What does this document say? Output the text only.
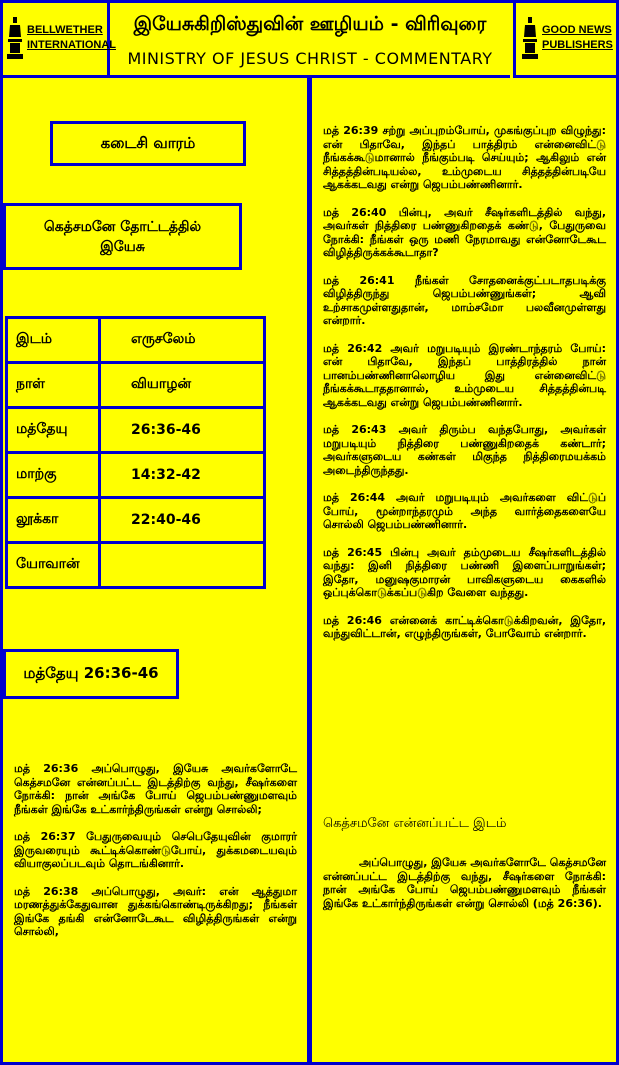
BELLWETHER
INTERNATIONAL
இயேசுகிறிஸ்துவின் ஊழியம் - விரிவுரை
MINISTRY OF JESUS CHRIST - COMMENTARY
GOOD NEWS
PUBLISHERS
கடைசி வாரம்
கெத்சமனே தோட்டத்தில் இயேசு
இடம்	எருசலேம்
நாள்	வியாழன்
மத்தேயு	26:36-46
மாற்கு	14:32-42
லூக்கா	22:40-46
யோவான்	
மத்தேயு 26:36-46

மத் 26:36 அப்பொழுது, இயேசு அவர்களோடே கெத்சமனே என்னப்பட்ட இடத்திற்கு வந்து, சீஷர்களை நோக்கி: நான் அங்கே போய் ஜெபம்பண்ணுமளவும் நீங்கள் இங்கே உட்கார்ந்திருங்கள் என்று சொல்லி;

மத் 26:37 பேதுருவையும் செபெதேயுவின் குமாரர் இருவரையும் கூட்டிக்கொண்டுபோய், துக்கமடையவும் வியாகுலப்படவும் தொடங்கினார்.

மத் 26:38 அப்பொழுது, அவர்: என் ஆத்துமா மரணத்துக்கேதுவான துக்கங்கொண்டிருக்கிறது; நீங்கள் இங்கே தங்கி என்னோடேகூட விழித்திருங்கள் என்று சொல்லி,

மத் 26:39 சற்று அப்புறம்போய், முகங்குப்புற விழுந்து: என் பிதாவே, இந்தப் பாத்திரம் என்னைவிட்டு நீங்கக்கூடுமானால் நீங்கும்படி செய்யும்; ஆகிலும் என் சித்தத்தின்படியல்ல, உம்முடைய சித்தத்தின்படியே ஆகக்கடவது என்று ஜெபம்பண்ணினார்.

மத் 26:40 பின்பு, அவர் சீஷர்களிடத்தில் வந்து, அவர்கள் நித்திரை பண்ணுகிறதைக் கண்டு, பேதுருவை நோக்கி: நீங்கள் ஒரு மணி நேரமாவது என்னோடேகூட விழித்திருக்கக்கூடாதா?

மத் 26:41 நீங்கள் சோதனைக்குட்படாதபடிக்கு விழித்திருந்து ஜெபம்பண்ணுங்கள்; ஆவி உற்சாகமுள்ளதுதான், மாம்சமோ பலவீனமுள்ளது என்றார்.

மத் 26:42 அவர் மறுபடியும் இரண்டாந்தரம் போய்: என் பிதாவே, இந்தப் பாத்திரத்தில் நான் பானம்பண்ணினாலொழிய இது என்னைவிட்டு நீங்கக்கூடாததானால், உம்முடைய சித்தத்தின்படி ஆகக்கடவது என்று ஜெபம்பண்ணினார்.

மத் 26:43 அவர் திரும்ப வந்தபோது, அவர்கள் மறுபடியும் நித்திரை பண்ணுகிறதைக் கண்டார்; அவர்களுடைய கண்கள் மிகுந்த நித்திரைமயக்கம் அடைந்திருந்தது.

மத் 26:44 அவர் மறுபடியும் அவர்களை விட்டுப் போய், மூன்றாந்தரமும் அந்த வார்த்தைகளையே சொல்லி ஜெபம்பண்ணினார்.

மத் 26:45 பின்பு அவர் தம்முடைய சீஷர்களிடத்தில் வந்து: இனி நித்திரை பண்ணி இளைப்பாறுங்கள்; இதோ, மனுஷகுமாரன் பாவிகளுடைய கைகளில் ஒப்புக்கொடுக்கப்படுகிற வேளை வந்தது.

மத் 26:46 என்னைக் காட்டிக்கொடுக்கிறவன், இதோ, வந்துவிட்டான், எழுந்திருங்கள், போவோம் என்றார்.

கெத்சமனே என்னப்பட்ட இடம்
அப்பொழுது, இயேசு அவர்களோடே கெத்சமனே என்னப்பட்ட இடத்திற்கு வந்து, சீஷர்களை நோக்கி: நான் அங்கே போய் ஜெபம்பண்ணுமளவும் நீங்கள் இங்கே உட்கார்ந்திருங்கள் என்று சொல்லி (மத் 26:36).
